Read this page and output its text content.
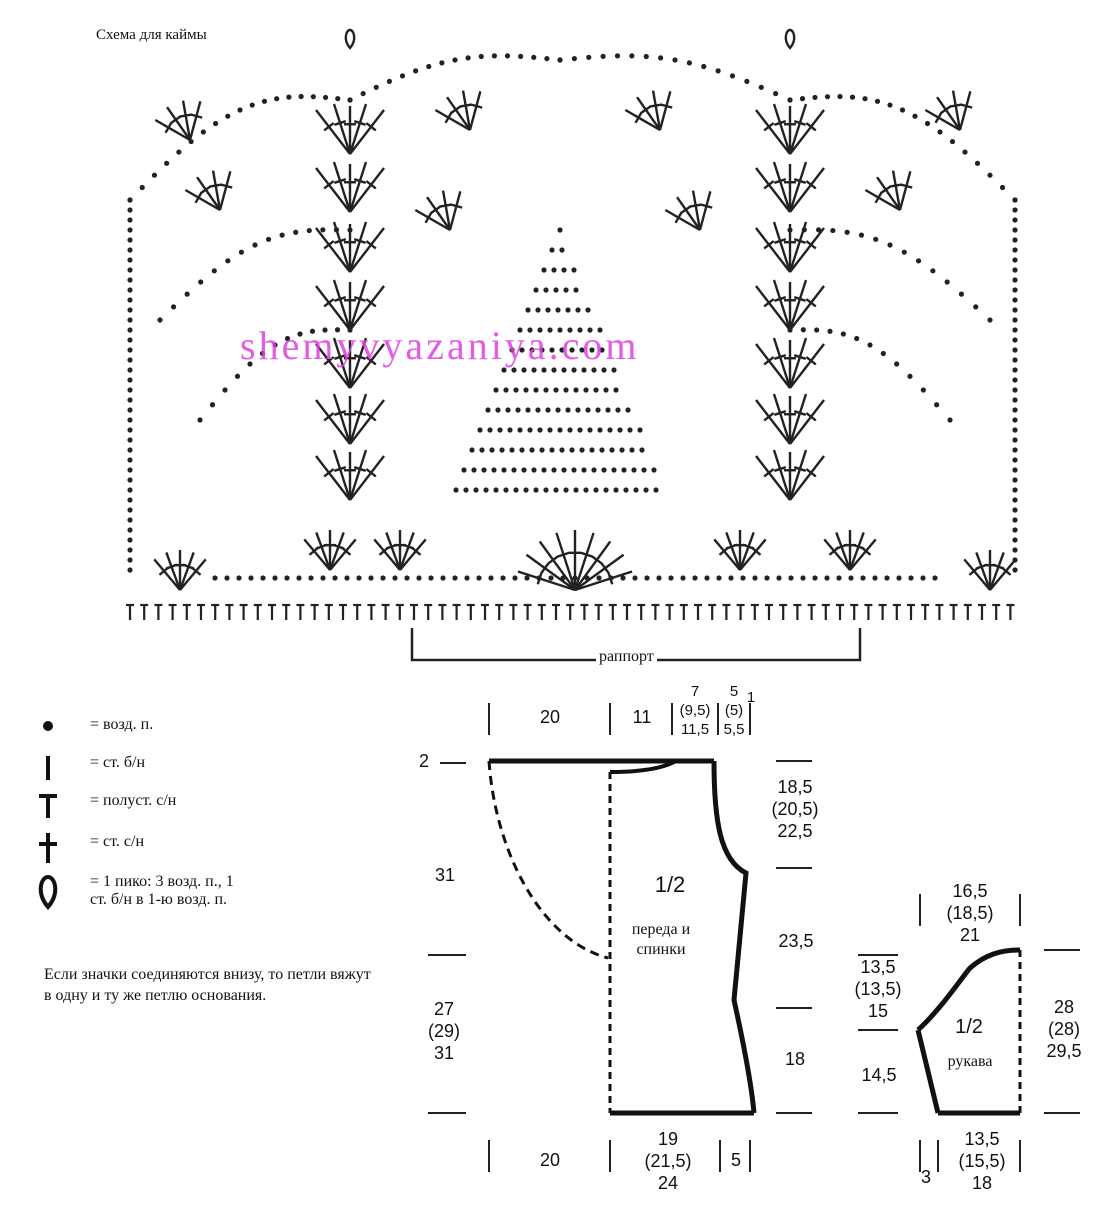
Схема для каймы
shemyvyazaniya.com
раппорт
= возд. п.
= ст. б/н
= полуст. с/н
= ст. с/н
= 1 пико: 3 возд. п., 1
ст. б/н в 1-ю возд. п.
Если значки соединяются внизу, то петли вяжут в одну и ту же петлю основания.
20	11
7
(9,5)
11,5
5
(5)
5,5
1
2
31
27
(29)
31
18,5
(20,5)
22,5
23,5
18
20
19
(21,5)
24
5
1/2
переда и спинки
16,5
(18,5)
21
13,5
(13,5)
15
14,5
28
(28)
29,5
3
13,5
(15,5)
18
1/2
рукава
